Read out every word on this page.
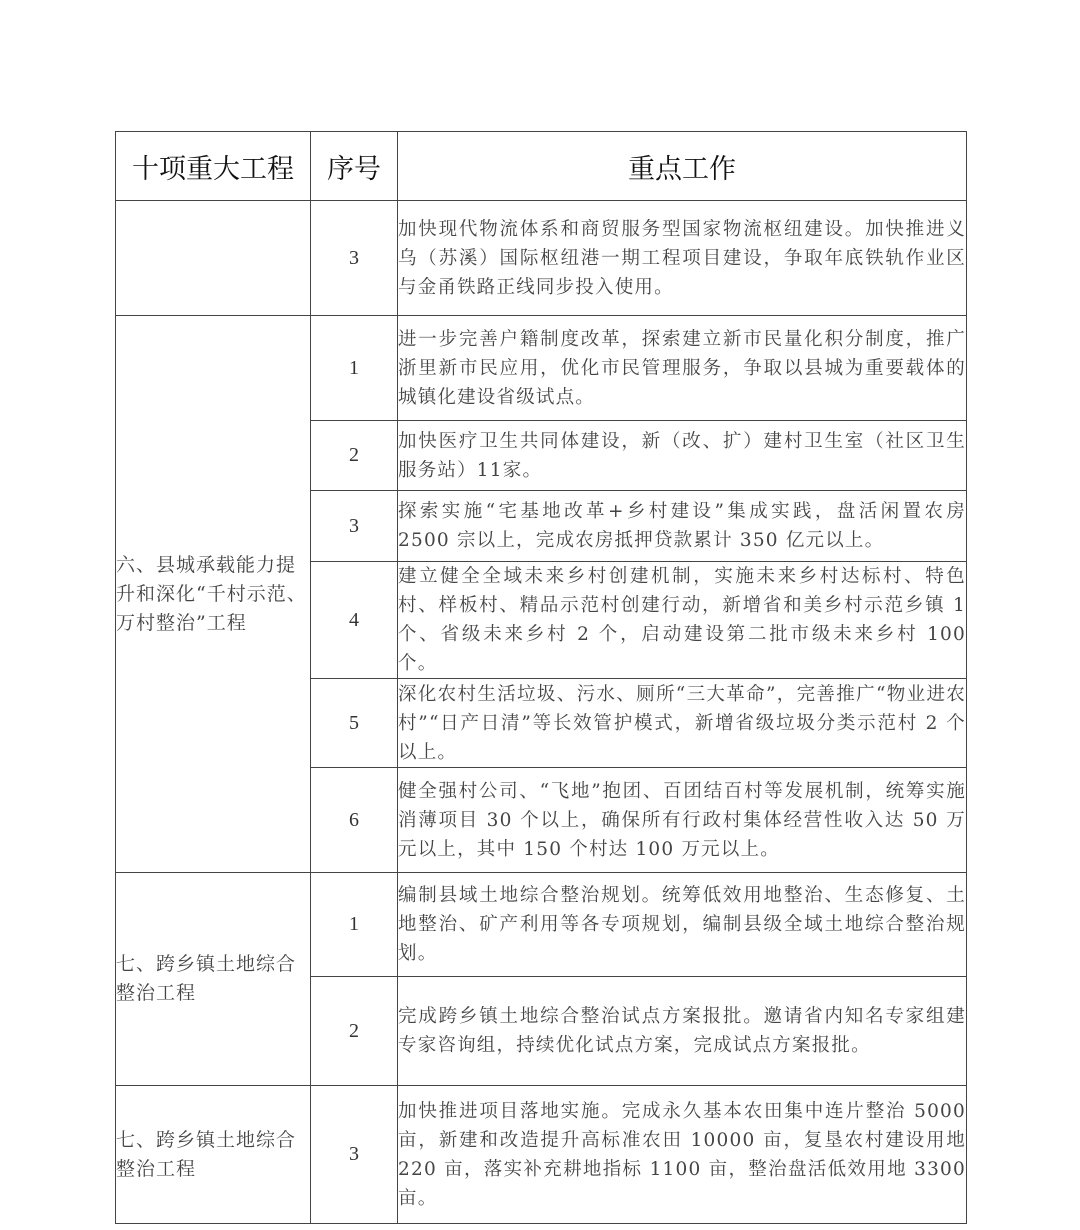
十项重大工程	序号	重点工作
	3	加快现代物流体系和商贸服务型国家物流枢纽建设。加快推进义乌（苏溪）国际枢纽港一期工程项目建设，争取年底铁轨作业区与金甬铁路正线同步投入使用。
六、县城承载能力提升和深化“千村示范、万村整治”工程	1	进一步完善户籍制度改革，探索建立新市民量化积分制度，推广浙里新市民应用，优化市民管理服务，争取以县城为重要载体的城镇化建设省级试点。
	2	加快医疗卫生共同体建设，新（改、扩）建村卫生室（社区卫生服务站）11家。
	3	探索实施“宅基地改革+乡村建设”集成实践，盘活闲置农房 2500 宗以上，完成农房抵押贷款累计 350 亿元以上。
	4	建立健全全域未来乡村创建机制，实施未来乡村达标村、特色村、样板村、精品示范村创建行动，新增省和美乡村示范乡镇 1 个、省级未来乡村 2 个，启动建设第二批市级未来乡村 100 个。
	5	深化农村生活垃圾、污水、厕所“三大革命”，完善推广“物业进农村”“日产日清”等长效管护模式，新增省级垃圾分类示范村 2 个以上。
	6	健全强村公司、“飞地”抱团、百团结百村等发展机制，统筹实施消薄项目 30 个以上，确保所有行政村集体经营性收入达 50 万元以上，其中 150 个村达 100 万元以上。
七、跨乡镇土地综合整治工程	1	编制县域土地综合整治规划。统筹低效用地整治、生态修复、土地整治、矿产利用等各专项规划，编制县级全域土地综合整治规划。
	2	完成跨乡镇土地综合整治试点方案报批。邀请省内知名专家组建专家咨询组，持续优化试点方案，完成试点方案报批。
七、跨乡镇土地综合整治工程	3	加快推进项目落地实施。完成永久基本农田集中连片整治 5000 亩，新建和改造提升高标准农田 10000 亩，复垦农村建设用地 220 亩，落实补充耕地指标 1100 亩，整治盘活低效用地 3300 亩。
